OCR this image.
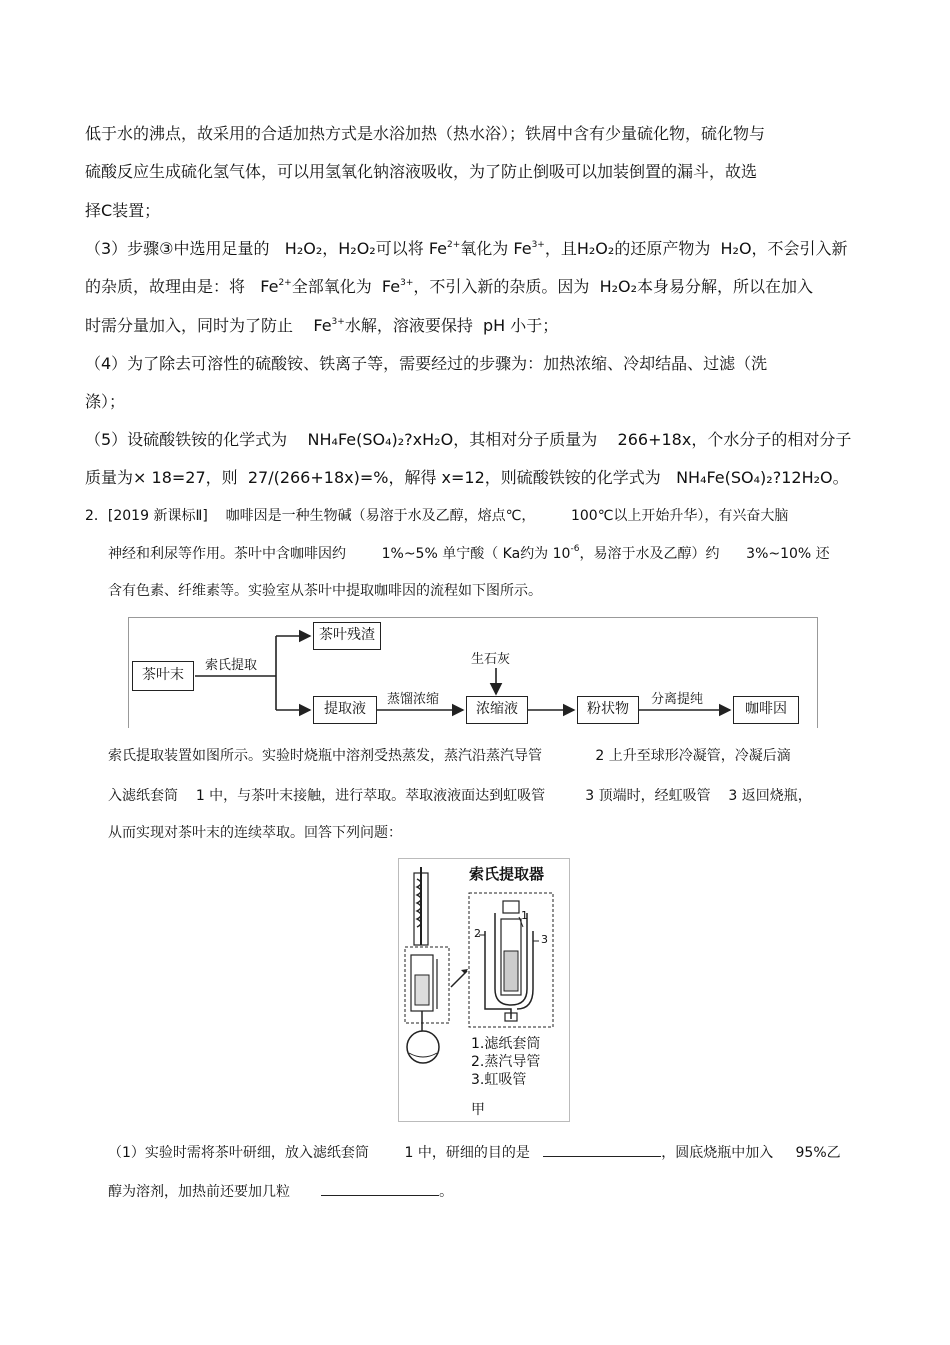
低于水的沸点，故采用的合适加热方式是水浴加热（热水浴）；铁屑中含有少量硫化物，硫化物与
硫酸反应生成硫化氢气体，可以用氢氧化钠溶液吸收，为了防止倒吸可以加装倒置的漏斗，故选
择C装置；
（3）步骤③中选用足量的 H₂O₂，H₂O₂可以将 $Fe^{2+}$氧化为 $Fe^{3+}$，且H₂O₂的还原产物为 H₂O，不会引入新
的杂质，故理由是：将 $Fe^{2+}$全部氧化为 $Fe^{3+}$，不引入新的杂质。因为 H₂O₂本身易分解，所以在加入
时需分量加入，同时为了防止 $Fe^{3+}$水解，溶液要保持 pH 小于；
（4）为了除去可溶性的硫酸铵、铁离子等，需要经过的步骤为：加热浓缩、冷却结晶、过滤（洗
涤）；
（5）设硫酸铁铵的化学式为 NH₄Fe(SO₄)₂?xH₂O，其相对分子质量为 266+18x，个水分子的相对分子
质量为× 18=27，则 27/(266+18x)=%，解得 x=12，则硫酸铁铵的化学式为 NH₄Fe(SO₄)₂?12H₂O。
2．[2019 新课标Ⅱ] 咖啡因是一种生物碱（易溶于水及乙醇，熔点℃，	100℃以上开始升华），有兴奋大脑
神经和利尿等作用。茶叶中含咖啡因约	1%~5% 单宁酸（ Ka约为 $10^{-6}$，易溶于水及乙醇）约 3%~10% 还
含有色素、纤维素等。实验室从茶叶中提取咖啡因的流程如下图所示。
茶叶末
索氏提取
茶叶残渣
提取液
蒸馏浓缩
生石灰
浓缩液	粉状物
分离提纯
咖啡因
索氏提取装置如图所示。实验时烧瓶中溶剂受热蒸发，蒸汽沿蒸汽导管	2 上升至球形冷凝管，冷凝后滴
入滤纸套筒 1 中，与茶叶末接触，进行萃取。萃取液液面达到虹吸管	3 顶端时，经虹吸管 3 返回烧瓶，
从而实现对茶叶末的连续萃取。回答下列问题：
索氏提取器
1
2	3
1.滤纸套筒
2.蒸汽导管
3.虹吸管
甲
（1）实验时需将茶叶研细，放入滤纸套筒	1 中，研细的目的是	，圆底烧瓶中加入 95%乙
醇为溶剂，加热前还要加几粒	。
